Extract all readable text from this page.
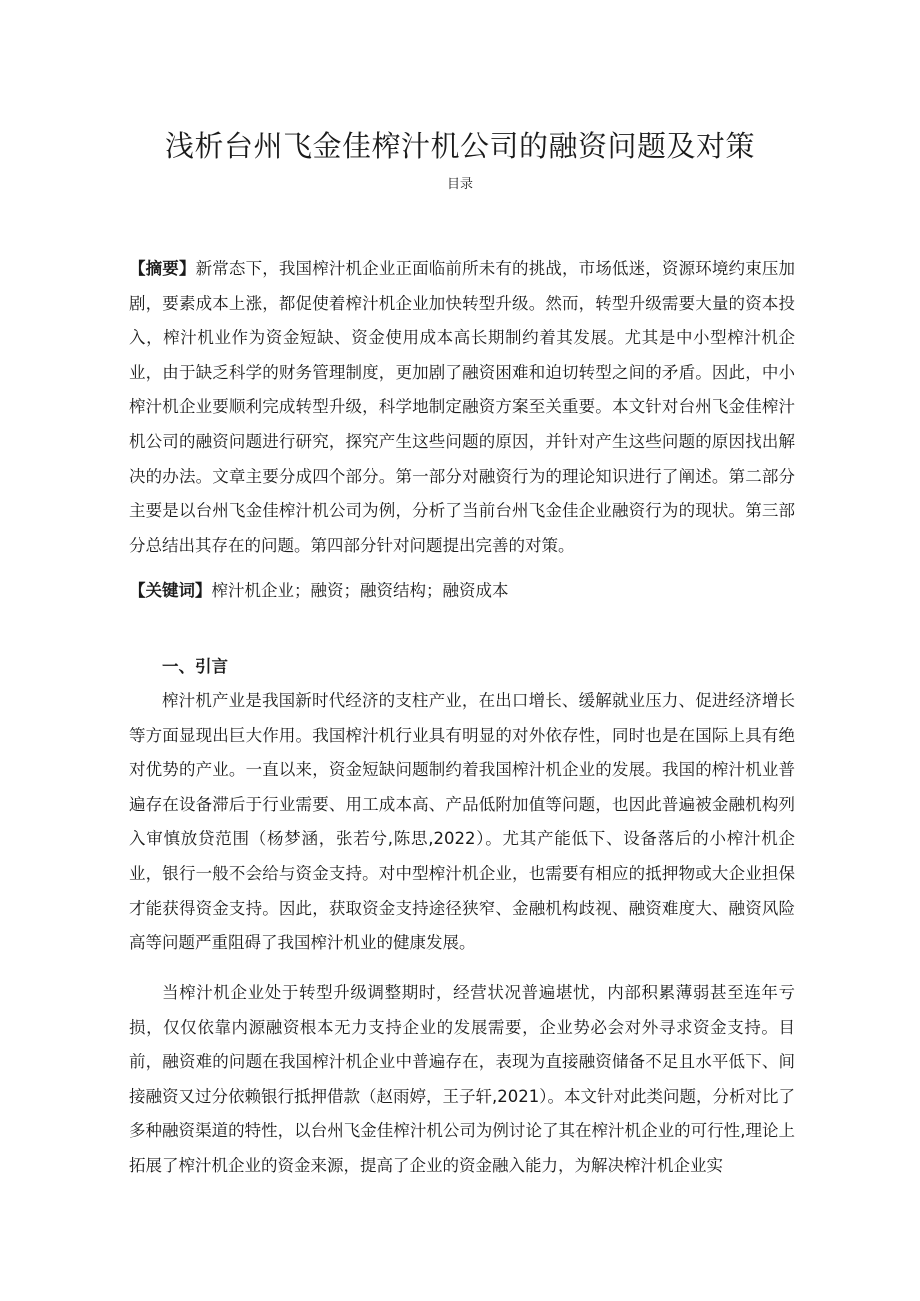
浅析台州飞金佳榨汁机公司的融资问题及对策
目录

【摘要】新常态下，我国榨汁机企业正面临前所未有的挑战，市场低迷，资源环境约束压加剧，要素成本上涨，都促使着榨汁机企业加快转型升级。然而，转型升级需要大量的资本投入，榨汁机业作为资金短缺、资金使用成本高长期制约着其发展。尤其是中小型榨汁机企业，由于缺乏科学的财务管理制度，更加剧了融资困难和迫切转型之间的矛盾。因此，中小榨汁机企业要顺利完成转型升级，科学地制定融资方案至关重要。本文针对台州飞金佳榨汁机公司的融资问题进行研究，探究产生这些问题的原因，并针对产生这些问题的原因找出解决的办法。文章主要分成四个部分。第一部分对融资行为的理论知识进行了阐述。第二部分主要是以台州飞金佳榨汁机公司为例，分析了当前台州飞金佳企业融资行为的现状。第三部分总结出其存在的问题。第四部分针对问题提出完善的对策。

【关键词】榨汁机企业；融资；融资结构；融资成本

一、引言

榨汁机产业是我国新时代经济的支柱产业，在出口增长、缓解就业压力、促进经济增长等方面显现出巨大作用。我国榨汁机行业具有明显的对外依存性，同时也是在国际上具有绝对优势的产业。一直以来，资金短缺问题制约着我国榨汁机企业的发展。我国的榨汁机业普遍存在设备滞后于行业需要、用工成本高、产品低附加值等问题，也因此普遍被金融机构列入审慎放贷范围（杨梦涵，张若兮,陈思,2022）。尤其产能低下、设备落后的小榨汁机企业，银行一般不会给与资金支持。对中型榨汁机企业，也需要有相应的抵押物或大企业担保才能获得资金支持。因此，获取资金支持途径狭窄、金融机构歧视、融资难度大、融资风险高等问题严重阻碍了我国榨汁机业的健康发展。

当榨汁机企业处于转型升级调整期时，经营状况普遍堪忧，内部积累薄弱甚至连年亏损，仅仅依靠内源融资根本无力支持企业的发展需要，企业势必会对外寻求资金支持。目前，融资难的问题在我国榨汁机企业中普遍存在，表现为直接融资储备不足且水平低下、间接融资又过分依赖银行抵押借款（赵雨婷，王子轩,2021）。本文针对此类问题，分析对比了多种融资渠道的特性，以台州飞金佳榨汁机公司为例讨论了其在榨汁机企业的可行性,理论上拓展了榨汁机企业的资金来源，提高了企业的资金融入能力，为解决榨汁机企业实
